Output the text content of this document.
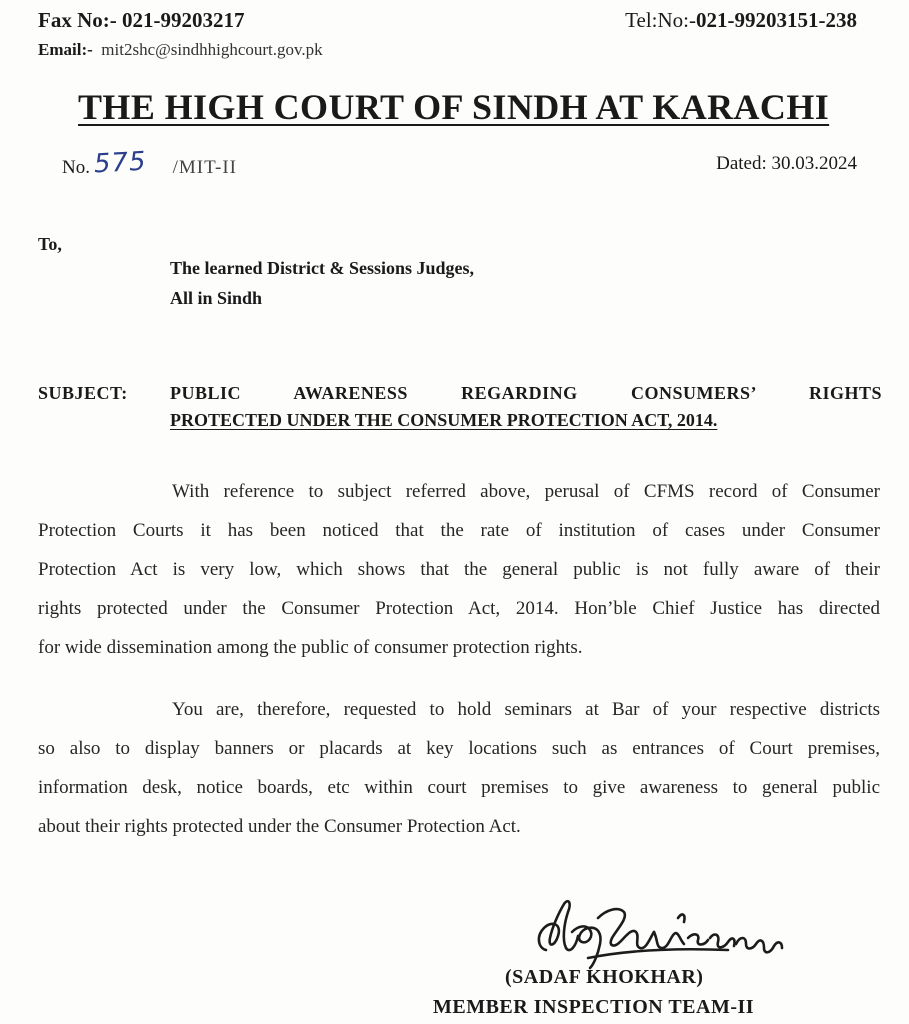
Fax No:- 021-99203217	Tel:No:-021-99203151-238
Email:- mit2shc@sindhhighcourt.gov.pk
THE HIGH COURT OF SINDH AT KARACHI
No. 575 /MIT-II	Dated: 30.03.2024
To,
The learned District & Sessions Judges,
All in Sindh
SUBJECT: PUBLIC AWARENESS REGARDING CONSUMERS’ RIGHTS
PROTECTED UNDER THE CONSUMER PROTECTION ACT, 2014.
With reference to subject referred above, perusal of CFMS record of Consumer
Protection Courts it has been noticed that the rate of institution of cases under Consumer
Protection Act is very low, which shows that the general public is not fully aware of their
rights protected under the Consumer Protection Act, 2014. Hon’ble Chief Justice has directed
for wide dissemination among the public of consumer protection rights.
You are, therefore, requested to hold seminars at Bar of your respective districts
so also to display banners or placards at key locations such as entrances of Court premises,
information desk, notice boards, etc within court premises to give awareness to general public
about their rights protected under the Consumer Protection Act.
(SADAF KHOKHAR)
MEMBER INSPECTION TEAM-II
